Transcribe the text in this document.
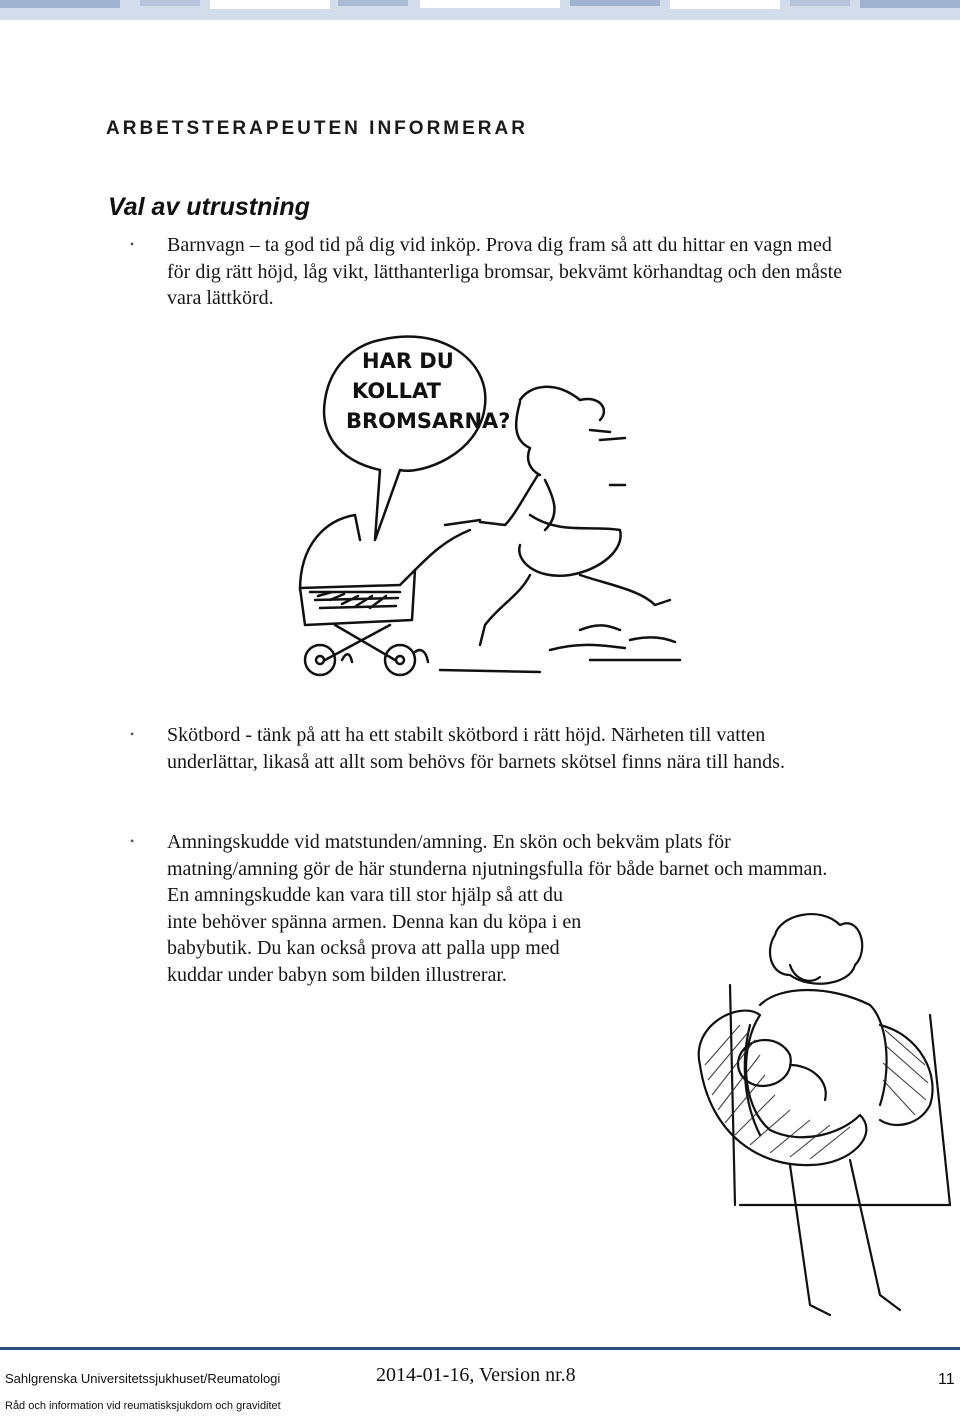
ARBETSTERAPEUTEN INFORMERAR
Val av utrustning
•	Barnvagn – ta god tid på dig vid inköp. Prova dig fram så att du hittar en vagn med för dig rätt höjd, låg vikt, lätthanterliga bromsar, bekvämt körhandtag och den måste vara lättkörd.

HAR DU
KOLLAT
BROMSARNA?
•	Skötbord - tänk på att ha ett stabilt skötbord i rätt höjd. Närheten till vatten underlättar, likaså att allt som behövs för barnets skötsel finns nära till hands.

•	Amningskudde vid matstunden/amning. En skön och bekväm plats för matning/amning gör de här stunderna njutningsfulla för både barnet och mamman.

En amningskudde kan vara till stor hjälp så att du

inte behöver spänna armen. Denna kan du köpa i en

babybutik. Du kan också prova att palla upp med

kuddar under babyn som bilden illustrerar.

Sahlgrenska Universitetssjukhuset/Reumatologi	2014-01-16, Version nr.8	11
Råd och information vid reumatisksjukdom och graviditet
